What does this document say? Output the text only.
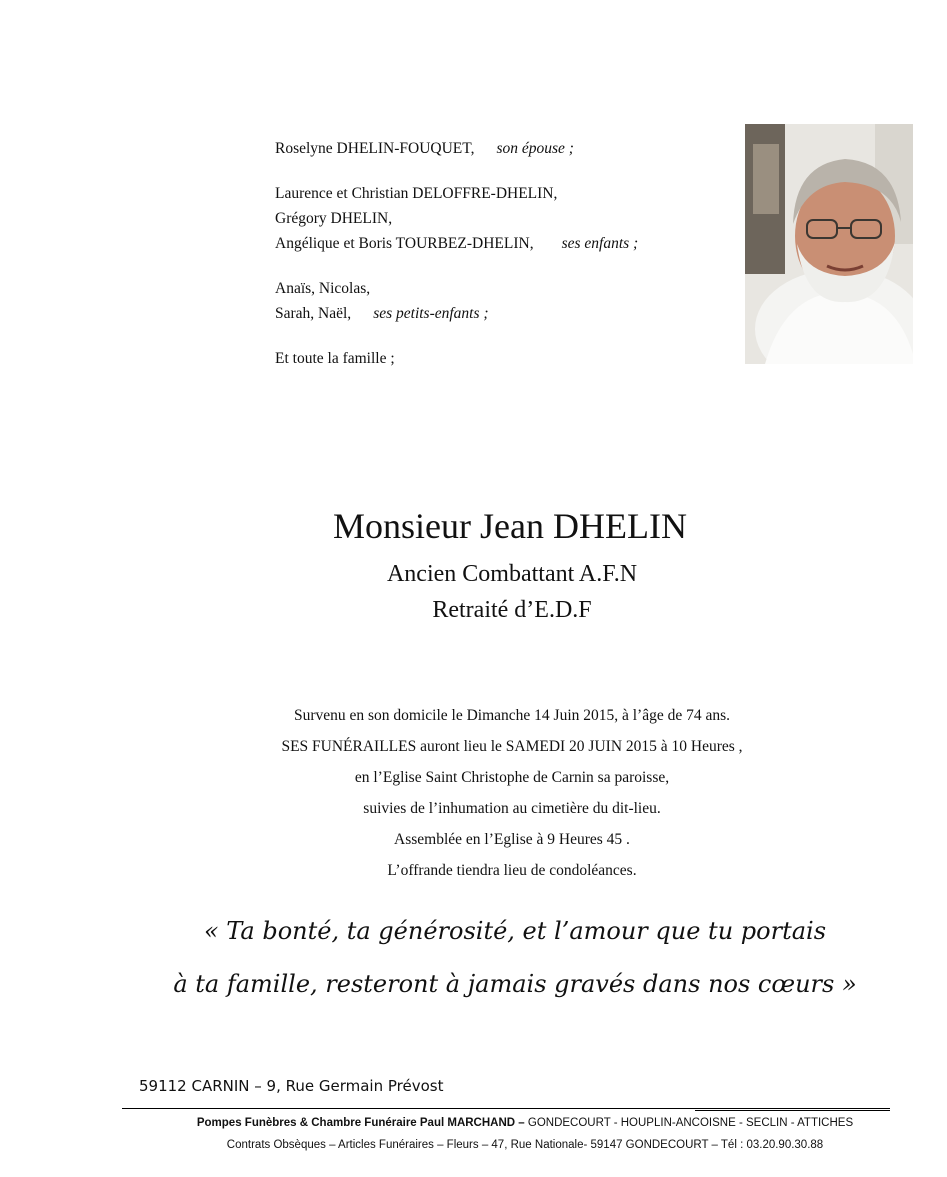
Roselyne DHELIN-FOUQUET, son épouse ;
Laurence et Christian DELOFFRE-DHELIN,
Grégory DHELIN,
Angélique et Boris TOURBEZ-DHELIN, ses enfants ;
Anaïs, Nicolas,
Sarah, Naël, ses petits-enfants ;
Et toute la famille ;
Monsieur Jean DHELIN
Ancien Combattant A.F.N
Retraité d’E.D.F
Survenu en son domicile le Dimanche 14 Juin 2015, à l’âge de 74 ans.
SES FUNÉRAILLES auront lieu le SAMEDI 20 JUIN 2015 à 10 Heures ,
en l’Eglise Saint Christophe de Carnin sa paroisse,
suivies de l’inhumation au cimetière du dit-lieu.
Assemblée en l’Eglise à 9 Heures 45 .
L’offrande tiendra lieu de condoléances.
« Ta bonté, ta générosité, et l’amour que tu portais
à ta famille, resteront à jamais gravés dans nos cœurs »
59112 CARNIN – 9, Rue Germain Prévost
Pompes Funèbres & Chambre Funéraire Paul MARCHAND – GONDECOURT - HOUPLIN-ANCOISNE - SECLIN - ATTICHES
Contrats Obsèques – Articles Funéraires – Fleurs – 47, Rue Nationale- 59147 GONDECOURT – Tél : 03.20.90.30.88
